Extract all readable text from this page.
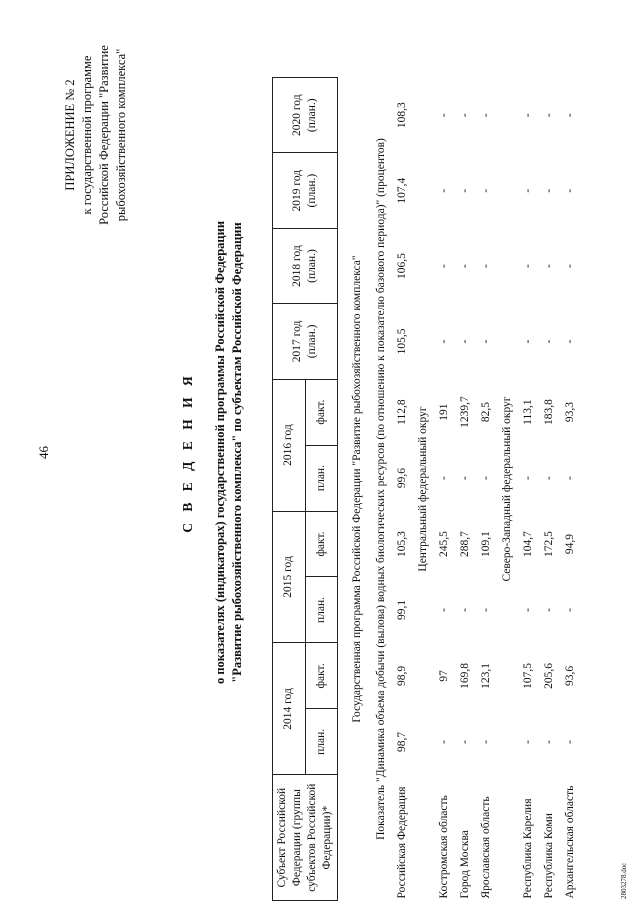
46
ПРИЛОЖЕНИЕ № 2 к государственной программе Российской Федерации "Развитие рыбохозяйственного комплекса"
С В Е Д Е Н И Я о показателях (индикаторах) государственной программы Российской Федерации "Развитие рыбохозяйственного комплекса" по субъектам Российской Федерации
Субъект Российской Федерации (группы субъектов Российской Федерации)*	2014 год		2015 год		2016 год		2017 год (план.)	2018 год (план.)	2019 год (план.)	2020 год (план.)
	план.	факт.	план.	факт.	план.	факт.				
Государственная программа Российской Федерации "Развитие рыбохозяйственного комплекса"										
Показатель "Динамика объема добычи (вылова) водных биологических ресурсов (по отношению к показателю базового периода)" (процентов)										
Российская Федерация	98,7	98,9	99,1	105,3	99,6	112,8	105,5	106,5	107,4	108,3
Центральный федеральный округ										
Костромская область	-	97	-	245,5	-	191	-	-	-	-
Город Москва	-	169,8	-	288,7	-	1239,7	-	-	-	-
Ярославская область	-	123,1	-	109,1	-	82,5	-	-	-	-
Северо-Западный федеральный округ										
Республика Карелия	-	107,5	-	104,7	-	113,1	-	-	-	-
Республика Коми	-	205,6	-	172,5	-	183,8	-	-	-	-
Архангельская область	-	93,6	-	94,9	-	93,3	-	-	-	-
2803278.doc
